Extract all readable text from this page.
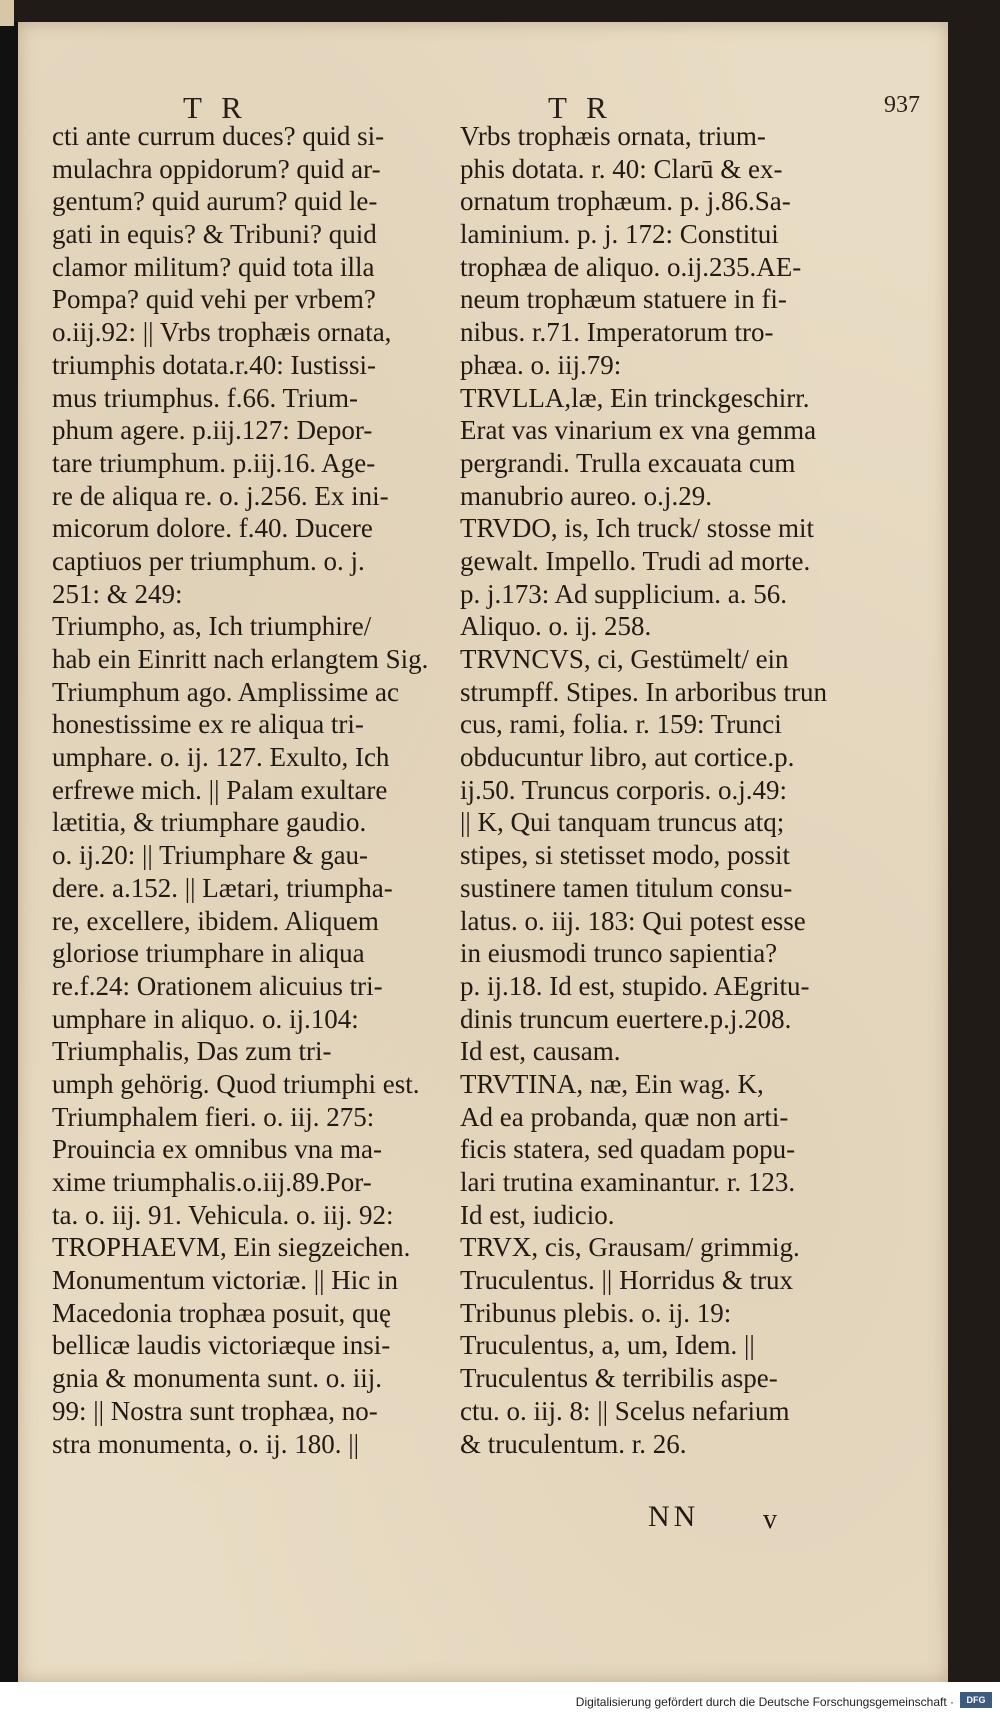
T R	T R	937
cti ante currum duces? quid si-
mulachra oppidorum? quid ar-
gentum? quid aurum? quid le-
gati in equis? & Tribuni? quid
clamor militum? quid tota illa
Pompa? quid vehi per vrbem?
o.iij.92: || Vrbs trophæis ornata,
triumphis dotata.r.40: Iustissi-
mus triumphus. f.66. Trium-
phum agere. p.iij.127: Depor-
tare triumphum. p.iij.16. Age-
re de aliqua re. o. j.256. Ex ini-
micorum dolore. f.40. Ducere
captiuos per triumphum. o. j.
251: & 249:
Triumpho, as, Ich triumphire/
hab ein Einritt nach erlangtem Sig.
Triumphum ago. Amplissime ac
honestissime ex re aliqua tri-
umphare. o. ij. 127. Exulto, Ich
erfrewe mich. || Palam exultare
lætitia, & triumphare gaudio.
o. ij.20: || Triumphare & gau-
dere. a.152. || Lætari, triumpha-
re, excellere, ibidem. Aliquem
gloriose triumphare in aliqua
re.f.24: Orationem alicuius tri-
umphare in aliquo. o. ij.104:
Triumphalis, Das zum tri-
umph gehörig. Quod triumphi est.
Triumphalem fieri. o. iij. 275:
Prouincia ex omnibus vna ma-
xime triumphalis.o.iij.89.Por-
ta. o. iij. 91. Vehicula. o. iij. 92:
TROPHAEVM, Ein siegzeichen.
Monumentum victoriæ. || Hic in
Macedonia trophæa posuit, quę
bellicæ laudis victoriæque insi-
gnia & monumenta sunt. o. iij.
99: || Nostra sunt trophæa, no-
stra monumenta, o. ij. 180. ||
Vrbs trophæis ornata, trium-
phis dotata. r. 40: Clarū & ex-
ornatum trophæum. p. j.86.Sa-
laminium. p. j. 172: Constitui
trophæa de aliquo. o.ij.235.AE-
neum trophæum statuere in fi-
nibus. r.71. Imperatorum tro-
phæa. o. iij.79:
TRVLLA,læ, Ein trinckgeschirr.
Erat vas vinarium ex vna gemma
pergrandi. Trulla excauata cum
manubrio aureo. o.j.29.
TRVDO, is, Ich truck/ stosse mit
gewalt. Impello. Trudi ad morte.
p. j.173: Ad supplicium. a. 56.
Aliquo. o. ij. 258.
TRVNCVS, ci, Gestümelt/ ein
strumpff. Stipes. In arboribus trun
cus, rami, folia. r. 159: Trunci
obducuntur libro, aut cortice.p.
ij.50. Truncus corporis. o.j.49:
|| K, Qui tanquam truncus atq;
stipes, si stetisset modo, possit
sustinere tamen titulum consu-
latus. o. iij. 183: Qui potest esse
in eiusmodi trunco sapientia?
p. ij.18. Id est, stupido. AEgritu-
dinis truncum euertere.p.j.208.
Id est, causam.
TRVTINA, næ, Ein wag. K,
Ad ea probanda, quæ non arti-
ficis statera, sed quadam popu-
lari trutina examinantur. r. 123.
Id est, iudicio.
TRVX, cis, Grausam/ grimmig.
Truculentus. || Horridus & trux
Tribunus plebis. o. ij. 19:
Truculentus, a, um, Idem. ||
Truculentus & terribilis aspe-
ctu. o. iij. 8: || Scelus nefarium
& truculentum. r. 26.
NN v
Digitalisierung gefördert durch die Deutsche Forschungsgemeinschaft ·	DFG
